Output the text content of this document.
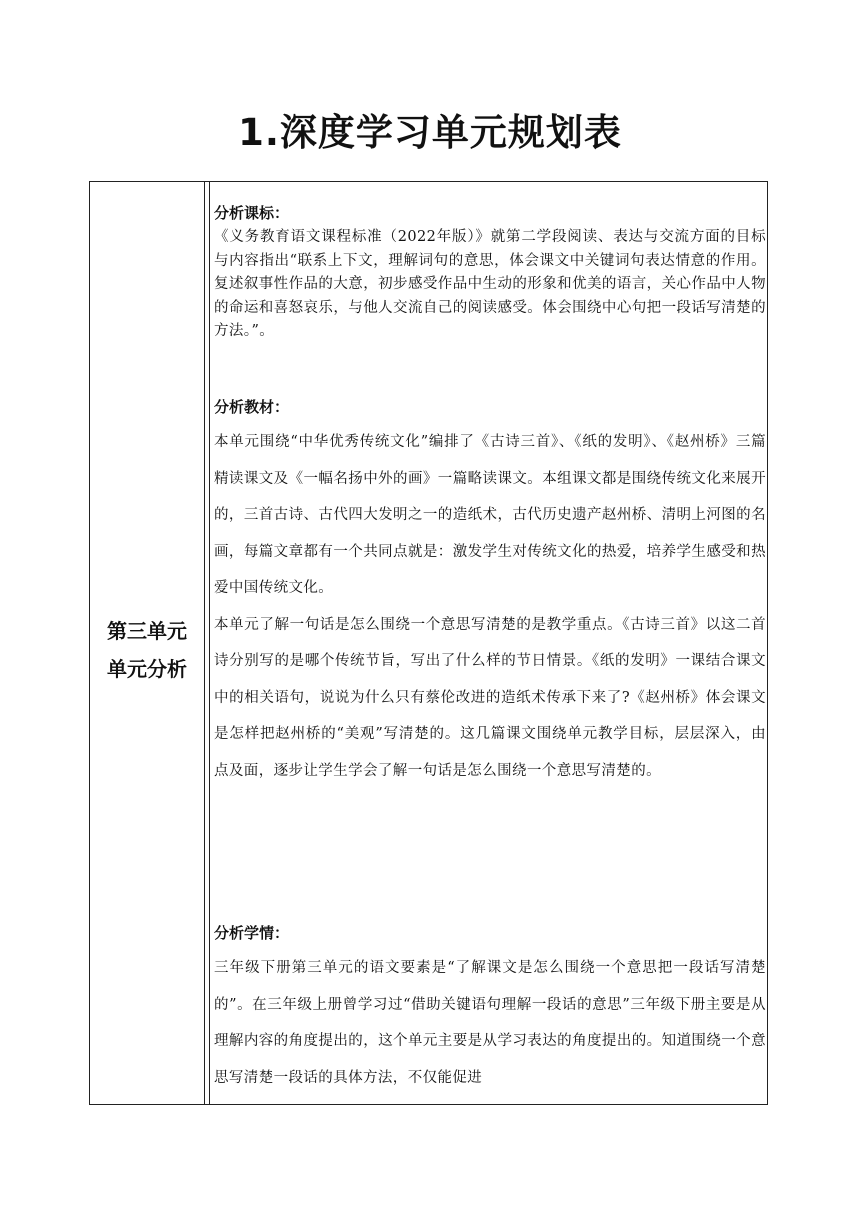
1.深度学习单元规划表
第三单元
单元分析
分析课标：

《义务教育语文课程标准（2022年版）》就第二学段阅读、表达与交流方面的目标与内容指出“联系上下文，理解词句的意思，体会课文中关键词句表达情意的作用。复述叙事性作品的大意，初步感受作品中生动的形象和优美的语言，关心作品中人物的命运和喜怒哀乐，与他人交流自己的阅读感受。体会围绕中心句把一段话写清楚的方法。”。

分析教材：

本单元围绕“中华优秀传统文化”编排了《古诗三首》、《纸的发明》、《赵州桥》三篇精读课文及《一幅名扬中外的画》一篇略读课文。本组课文都是围绕传统文化来展开的，三首古诗、古代四大发明之一的造纸术，古代历史遗产赵州桥、清明上河图的名画，每篇文章都有一个共同点就是：激发学生对传统文化的热爱，培养学生感受和热爱中国传统文化。

本单元了解一句话是怎么围绕一个意思写清楚的是教学重点。《古诗三首》以这二首诗分别写的是哪个传统节旨，写出了什么样的节日情景。《纸的发明》一课结合课文中的相关语句，说说为什么只有蔡伦改进的造纸术传承下来了?《赵州桥》体会课文是怎样把赵州桥的“美观”写清楚的。这几篇课文围绕单元教学目标，层层深入，由点及面，逐步让学生学会了解一句话是怎么围绕一个意思写清楚的。

分析学情：

三年级下册第三单元的语文要素是“了解课文是怎么围绕一个意思把一段话写清楚的”。在三年级上册曾学习过“借助关键语句理解一段话的意思”三年级下册主要是从理解内容的角度提出的，这个单元主要是从学习表达的角度提出的。知道围绕一个意思写清楚一段话的具体方法，不仅能促进
